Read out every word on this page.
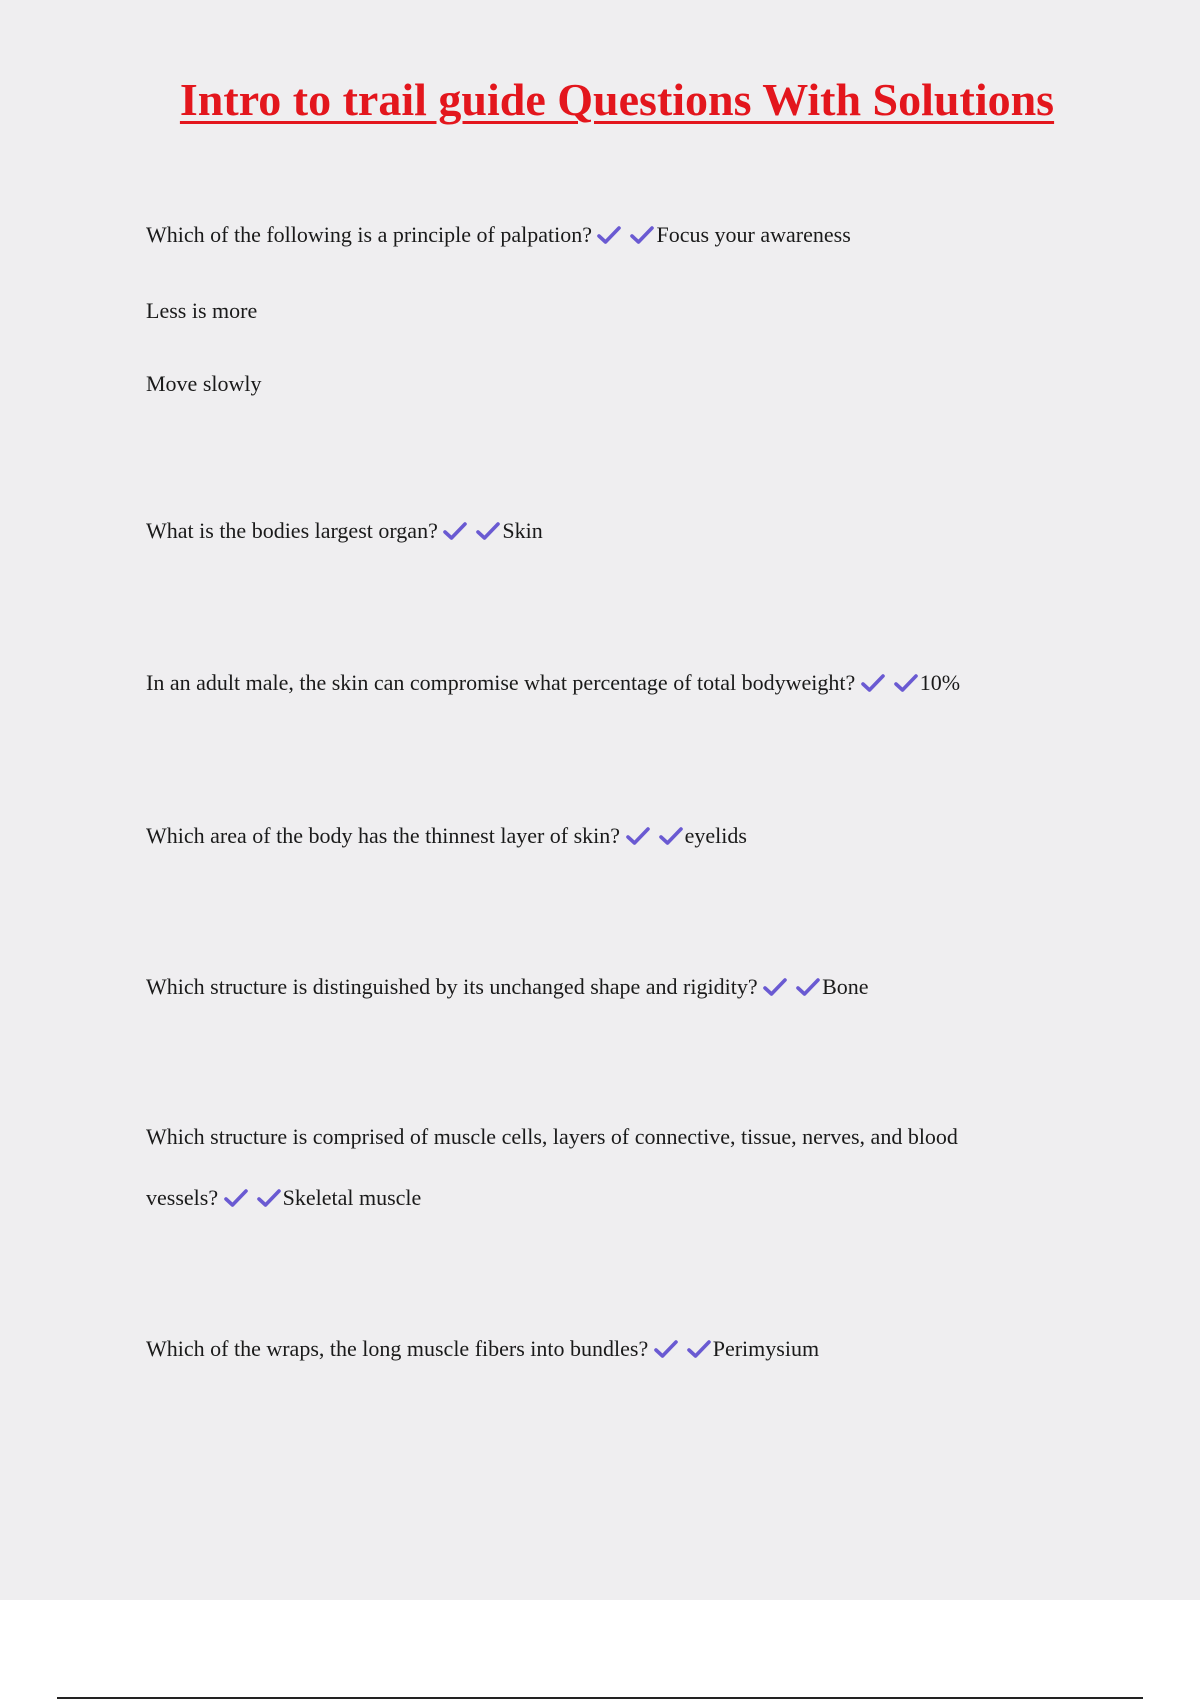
Intro to trail guide Questions With Solutions
Which of the following is a principle of palpation?	Focus your awareness
Less is more
Move slowly
What is the bodies largest organ?	Skin
In an adult male, the skin can compromise what percentage of total bodyweight?	10%
Which area of the body has the thinnest layer of skin?	eyelids
Which structure is distinguished by its unchanged shape and rigidity?	Bone
Which structure is comprised of muscle cells, layers of connective, tissue, nerves, and blood
vessels?	Skeletal muscle
Which of the wraps, the long muscle fibers into bundles?	Perimysium
